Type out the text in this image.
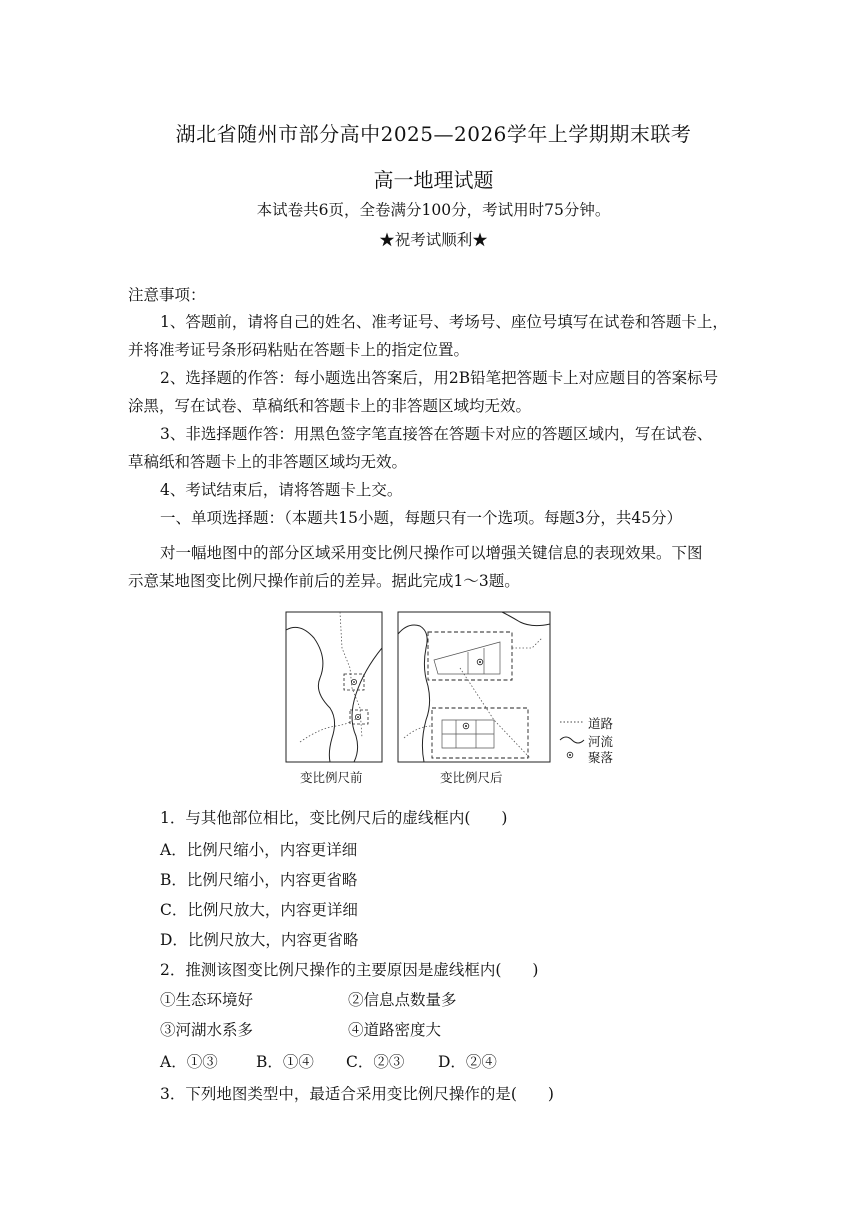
湖北省随州市部分高中2025—2026学年上学期期末联考
高一地理试题
本试卷共6页，全卷满分100分，考试用时75分钟。
★祝考试顺利★
注意事项：
1、答题前，请将自己的姓名、准考证号、考场号、座位号填写在试卷和答题卡上，
并将准考证号条形码粘贴在答题卡上的指定位置。
2、选择题的作答：每小题选出答案后，用2B铅笔把答题卡上对应题目的答案标号
涂黑，写在试卷、草稿纸和答题卡上的非答题区域均无效。
3、非选择题作答：用黑色签字笔直接答在答题卡对应的答题区域内，写在试卷、
草稿纸和答题卡上的非答题区域均无效。
4、考试结束后，请将答题卡上交。
一、单项选择题：（本题共15小题，每题只有一个选项。每题3分，共45分）
对一幅地图中的部分区域采用变比例尺操作可以增强关键信息的表现效果。下图
示意某地图变比例尺操作前后的差异。据此完成1～3题。
变比例尺前	变比例尺后
道路
河流
聚落
1．与其他部位相比，变比例尺后的虚线框内(　　)
A．比例尺缩小，内容更详细
B．比例尺缩小，内容更省略
C．比例尺放大，内容更详细
D．比例尺放大，内容更省略
2．推测该图变比例尺操作的主要原因是虚线框内(　　)
①生态环境好	②信息点数量多
③河湖水系多	④道路密度大
A．①③ B．①④ C．②③ D．②④
3．下列地图类型中，最适合采用变比例尺操作的是(　　)
